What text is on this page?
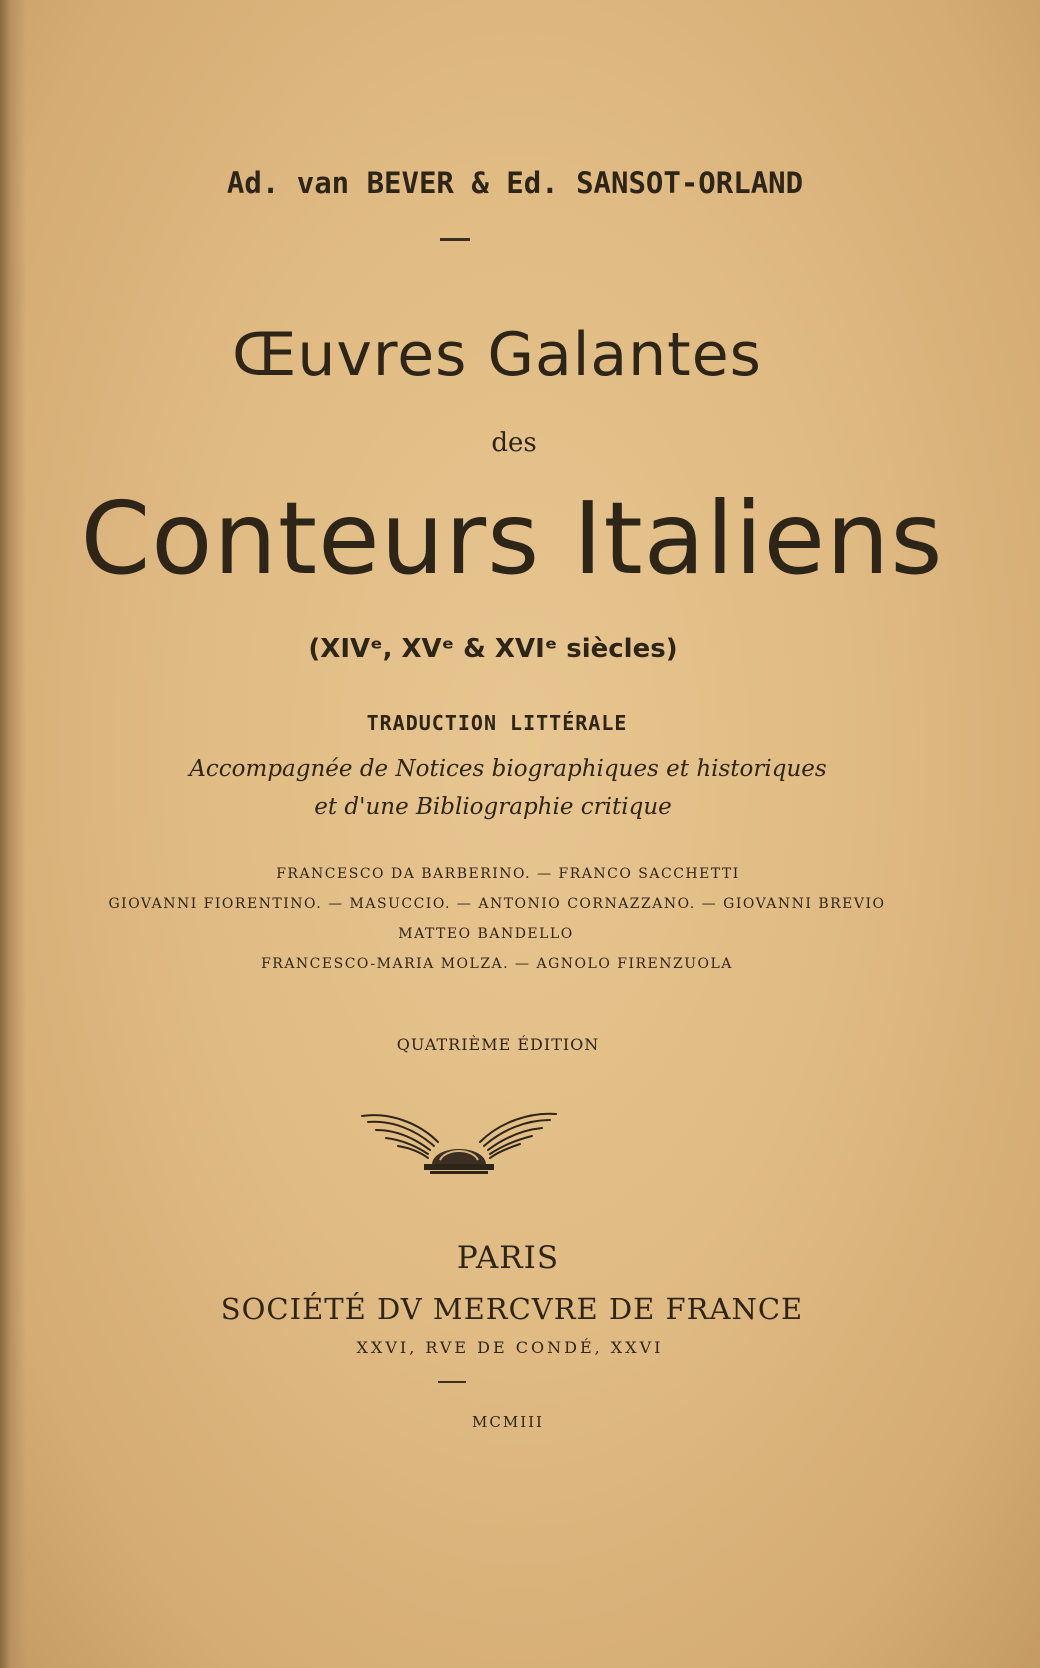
Ad. van BEVER & Ed. SANSOT-ORLAND
Œuvres Galantes
des
Conteurs Italiens
(XIVᵉ, XVᵉ & XVIᵉ siècles)
TRADUCTION LITTÉRALE
Accompagnée de Notices biographiques et historiques
et d'une Bibliographie critique
FRANCESCO DA BARBERINO. — FRANCO SACCHETTI
GIOVANNI FIORENTINO. — MASUCCIO. — ANTONIO CORNAZZANO. — GIOVANNI BREVIO
MATTEO BANDELLO
FRANCESCO-MARIA MOLZA. — AGNOLO FIRENZUOLA
QUATRIÈME ÉDITION
PARIS
SOCIÉTÉ DV MERCVRE DE FRANCE
XXVI, RVE DE CONDÉ, XXVI
MCMIII
